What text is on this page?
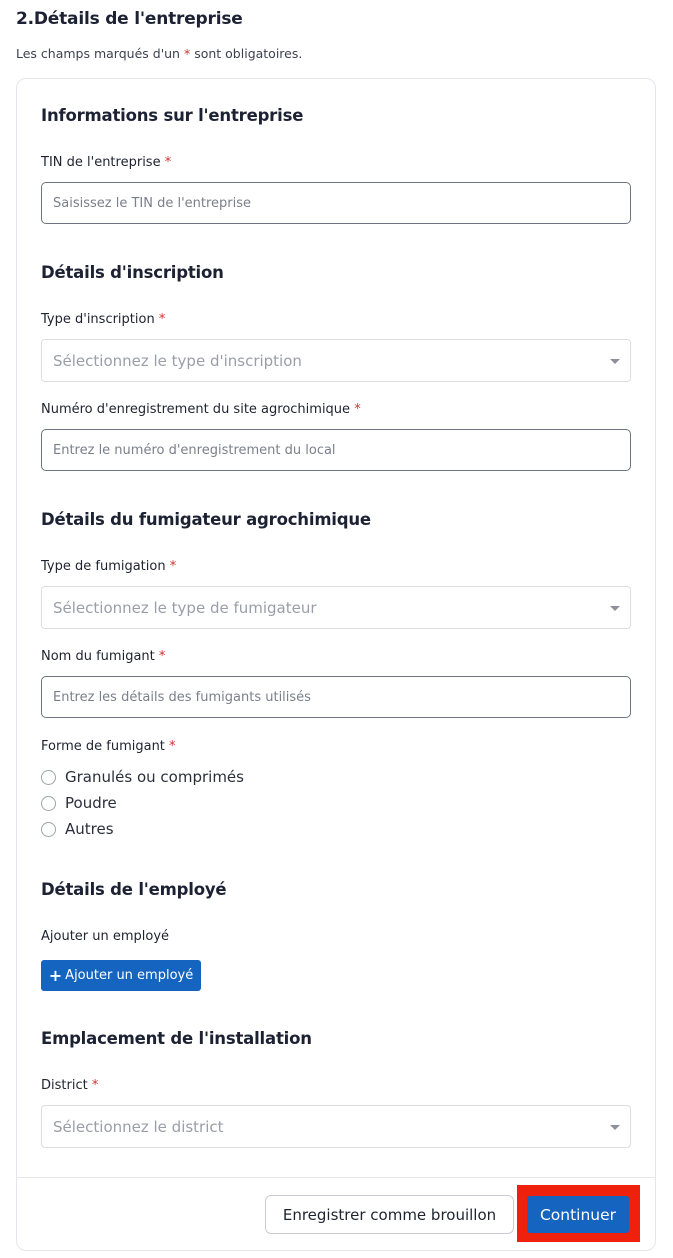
2.Détails de l'entreprise
Les champs marqués d'un * sont obligatoires.
Informations sur l'entreprise
TIN de l'entreprise *
Saisissez le TIN de l'entreprise
Détails d'inscription
Type d'inscription *
Sélectionnez le type d'inscription
Numéro d'enregistrement du site agrochimique *
Entrez le numéro d'enregistrement du local
Détails du fumigateur agrochimique
Type de fumigation *
Sélectionnez le type de fumigateur
Nom du fumigant *
Entrez les détails des fumigants utilisés
Forme de fumigant *
Granulés ou comprimés
Poudre
Autres
Détails de l'employé
Ajouter un employé
+ Ajouter un employé
Emplacement de l'installation
District *
Sélectionnez le district
Enregistrer comme brouillon	Continuer
